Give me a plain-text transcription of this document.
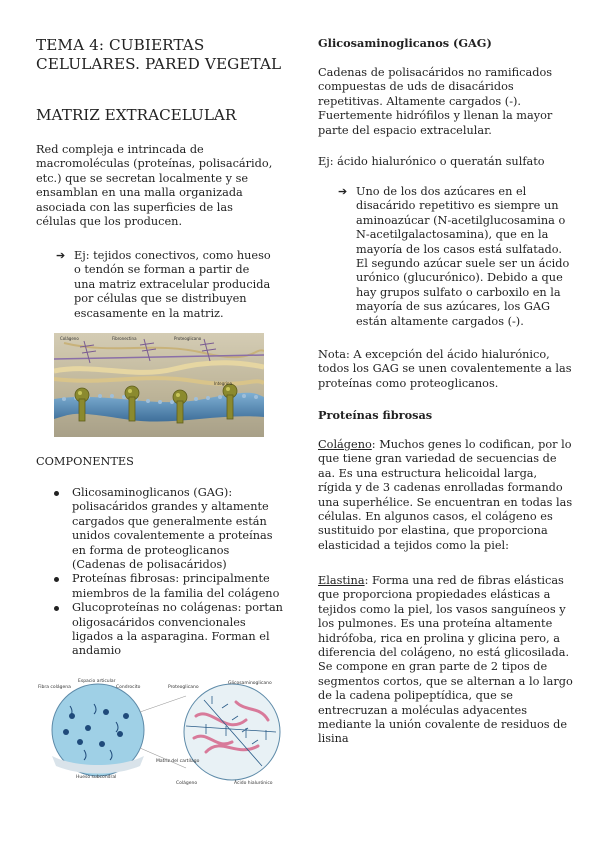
TEMA 4: CUBIERTAS
CELULARES. PARED VEGETAL
MATRIZ EXTRACELULAR

Red compleja e intrincada de macromoléculas (proteínas, polisacárido, etc.) que se secretan localmente y se ensamblan en una malla organizada asociada con las superficies de las células que los producen.

➔ Ej: tejidos conectivos, como hueso o tendón se forman a partir de una matriz extracelular producida por células que se distribuyen escasamente en la matriz.

Colágeno	Fibronectina	Proteoglicano
Integrina

COMPONENTES

Glicosaminoglicanos (GAG): polisacáridos grandes y altamente cargados que generalmente están unidos covalentemente a proteínas en forma de proteoglicanos (Cadenas de polisacáridos)
Proteínas fibrosas: principalmente miembros de la familia del colágeno
Glucoproteínas no colágenas: portan oligosacáridos convencionales ligados a la asparagina. Forman el andamio
Fibra colágena
Espacio articular
Condrocito	Proteoglicano
Glicosaminoglicano
Hueso subcondral
Matriz del cartílago
Colágeno	Ácido hialurónico

Glicosaminoglicanos (GAG)

Cadenas de polisacáridos no ramificados compuestas de uds de disacáridos repetitivas. Altamente cargados (-). Fuertemente hidrófilos y llenan la mayor parte del espacio extracelular.

Ej: ácido hialurónico o queratán sulfato

➔ Uno de los dos azúcares en el disacárido repetitivo es siempre un aminoazúcar (N-acetilglucosamina o N-acetilgalactosamina), que en la mayoría de los casos está sulfatado. El segundo azúcar suele ser un ácido urónico (glucurónico). Debido a que hay grupos sulfato o carboxilo en la mayoría de sus azúcares, los GAG están altamente cargados (-).

Nota: A excepción del ácido hialurónico, todos los GAG se unen covalentemente a las proteínas como proteoglicanos.

Proteínas fibrosas

Colágeno: Muchos genes lo codifican, por lo que tiene gran variedad de secuencias de aa. Es una estructura helicoidal larga, rígida y de 3 cadenas enrolladas formando una superhélice. Se encuentran en todas las células. En algunos casos, el colágeno es sustituido por elastina, que proporciona elasticidad a tejidos como la piel:

Elastina: Forma una red de fibras elásticas que proporciona propiedades elásticas a tejidos como la piel, los vasos sanguíneos y los pulmones. Es una proteína altamente hidrófoba, rica en prolina y glicina pero, a diferencia del colágeno, no está glicosilada. Se compone en gran parte de 2 tipos de segmentos cortos, que se alternan a lo largo de la cadena polipeptídica, que se entrecruzan a moléculas adyacentes mediante la unión covalente de residuos de lisina
